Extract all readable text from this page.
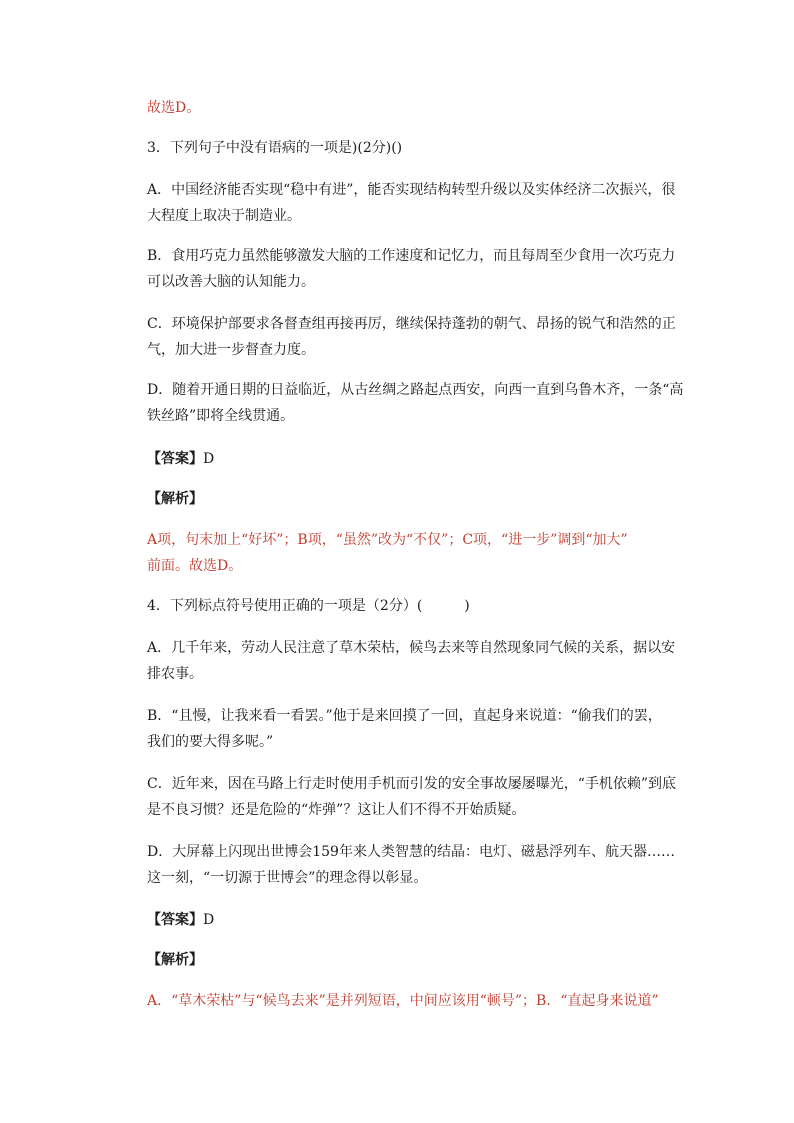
故选D。
3．下列句子中没有语病的一项是)(2分)()
A．中国经济能否实现“稳中有进”，能否实现结构转型升级以及实体经济二次振兴，很
大程度上取决于制造业。
B．食用巧克力虽然能够激发大脑的工作速度和记忆力，而且每周至少食用一次巧克力
可以改善大脑的认知能力。
C．环境保护部要求各督查组再接再厉，继续保持蓬勃的朝气、昂扬的锐气和浩然的正
气，加大进一步督查力度。
D．随着开通日期的日益临近，从古丝绸之路起点西安，向西一直到乌鲁木齐，一条“高
铁丝路”即将全线贯通。
【答案】D
【解析】
A项，句末加上“好坏”；B项，“虽然”改为“不仅”；C项，“进一步”调到“加大”
前面。故选D。
4．下列标点符号使用正确的一项是（2分）(　　　)
A．几千年来，劳动人民注意了草木荣枯，候鸟去来等自然现象同气候的关系，据以安
排农事。
B．“且慢，让我来看一看罢。”他于是来回摸了一回，直起身来说道：“偷我们的罢，
我们的要大得多呢。”
C．近年来，因在马路上行走时使用手机而引发的安全事故屡屡曝光，“手机依赖”到底
是不良习惯？还是危险的“炸弹”？这让人们不得不开始质疑。
D．大屏幕上闪现出世博会159年来人类智慧的结晶：电灯、磁悬浮列车、航天器……
这一刻，“一切源于世博会”的理念得以彰显。
【答案】D
【解析】
A．“草木荣枯”与“候鸟去来”是并列短语，中间应该用“顿号”；B．“直起身来说道”
